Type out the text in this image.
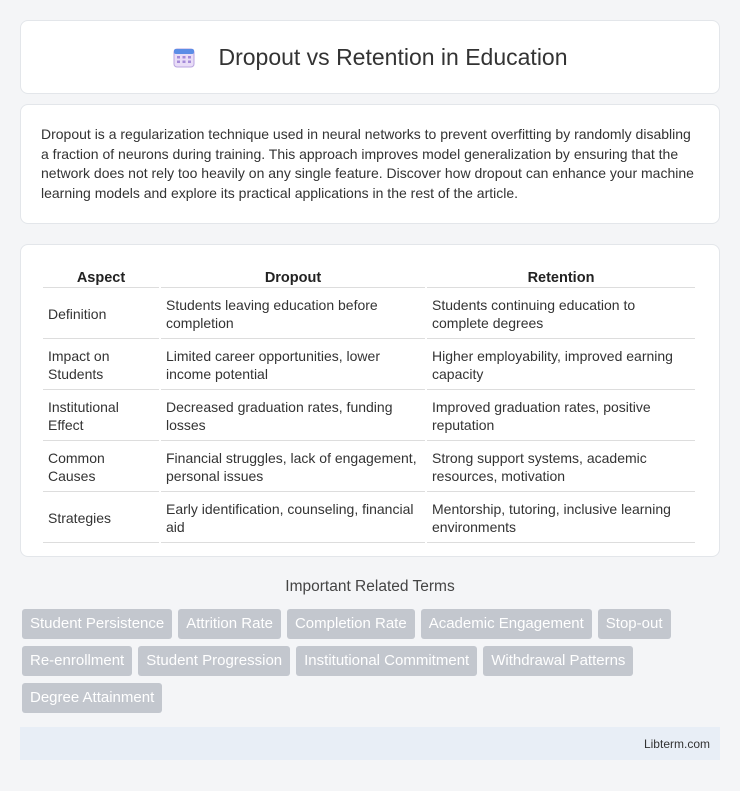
Dropout vs Retention in Education

Dropout is a regularization technique used in neural networks to prevent overfitting by randomly disabling a fraction of neurons during training. This approach improves model generalization by ensuring that the network does not rely too heavily on any single feature. Discover how dropout can enhance your machine learning models and explore its practical applications in the rest of the article.

Aspect	Dropout	Retention
Definition	Students leaving education before completion	Students continuing education to complete degrees
Impact on Students	Limited career opportunities, lower income potential	Higher employability, improved earning capacity
Institutional Effect	Decreased graduation rates, funding losses	Improved graduation rates, positive reputation
Common Causes	Financial struggles, lack of engagement, personal issues	Strong support systems, academic resources, motivation
Strategies	Early identification, counseling, financial aid	Mentorship, tutoring, inclusive learning environments
Important Related Terms
Student Persistence	Attrition Rate	Completion Rate	Academic Engagement	Stop-out
Re-enrollment	Student Progression	Institutional Commitment	Withdrawal Patterns
Degree Attainment
Libterm.com
